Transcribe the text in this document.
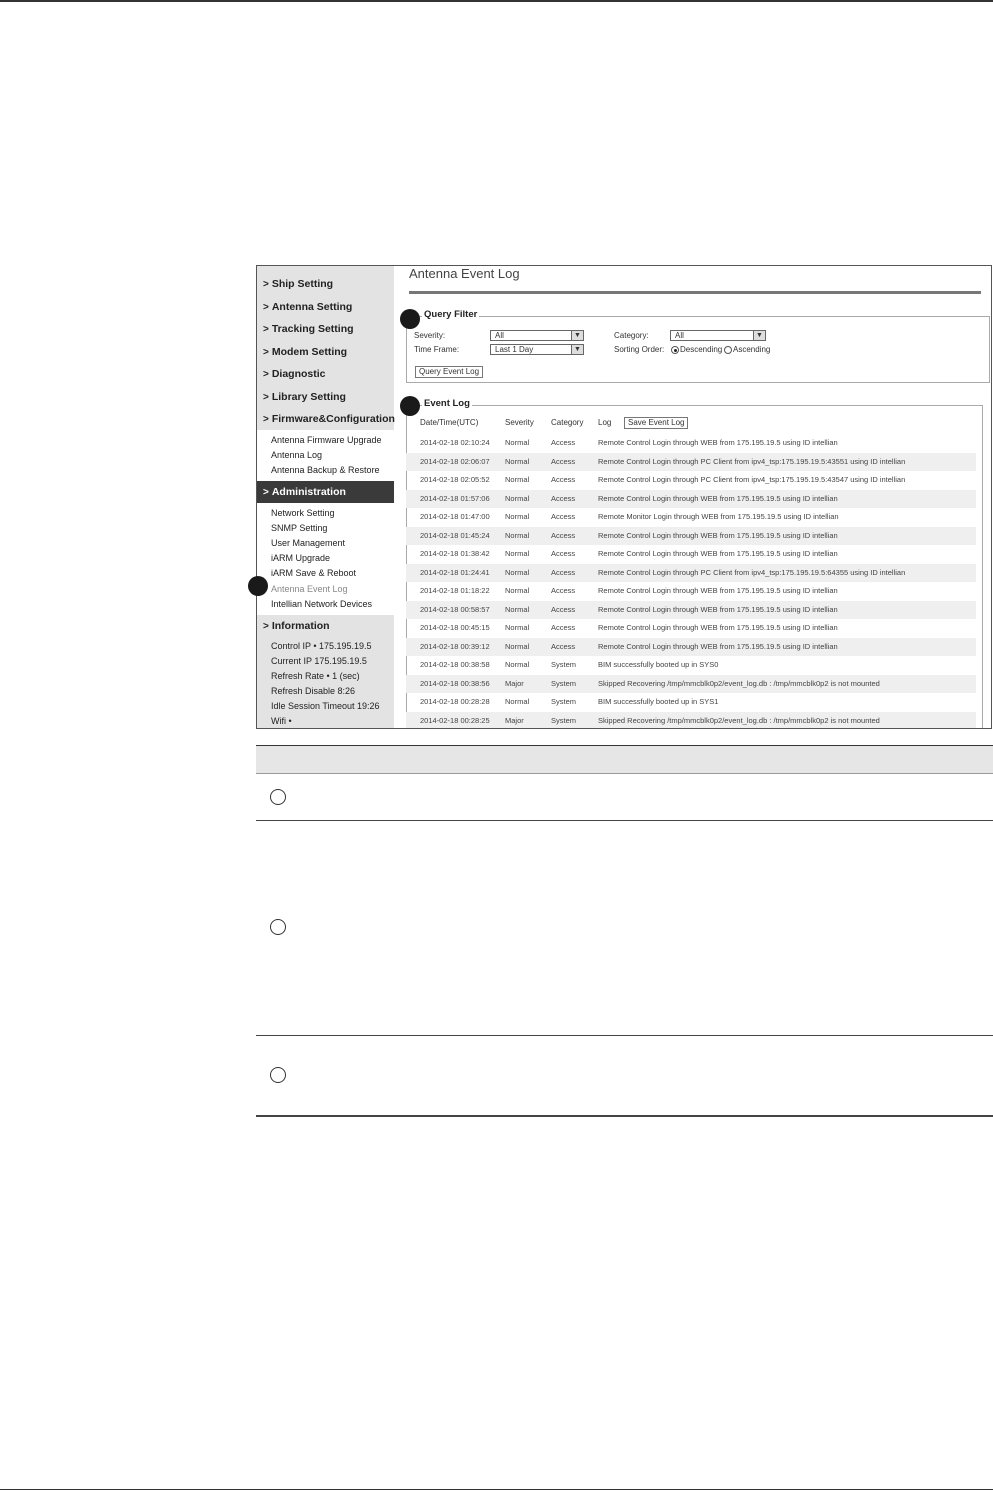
> Ship Setting
> Antenna Setting
> Tracking Setting
> Modem Setting
> Diagnostic
> Library Setting
> Firmware&Configuration
Antenna Firmware Upgrade
Antenna Log
Antenna Backup & Restore
> Administration
Network Setting
SNMP Setting
User Management
iARM Upgrade
iARM Save & Reboot
Antenna Event Log
Intellian Network Devices
> Information
Control IP • 175.195.19.5
Current IP 175.195.19.5
Refresh Rate • 1 (sec)
Refresh Disable 8:26
Idle Session Timeout 19:26
Wifi •
Antenna Event Log
Query Filter
Severity:	All	▼
Time Frame:	Last 1 Day	▼
Category:	All	▼
Sorting Order: Descending Ascending
Query Event Log
Event Log
Date/Time(UTC)	Severity Category Log	Save Event Log
2014-02-18 02:10:24 Normal	Access	Remote Control Login through WEB from 175.195.19.5 using ID intellian
2014-02-18 02:06:07 Normal	Access	Remote Control Login through PC Client from ipv4_tsp:175.195.19.5:43551 using ID intellian
2014-02-18 02:05:52 Normal	Access	Remote Control Login through PC Client from ipv4_tsp:175.195.19.5:43547 using ID intellian
2014-02-18 01:57:06 Normal	Access	Remote Control Login through WEB from 175.195.19.5 using ID intellian
2014-02-18 01:47:00 Normal	Access	Remote Monitor Login through WEB from 175.195.19.5 using ID intellian
2014-02-18 01:45:24 Normal	Access	Remote Control Login through WEB from 175.195.19.5 using ID intellian
2014-02-18 01:38:42 Normal	Access	Remote Control Login through WEB from 175.195.19.5 using ID intellian
2014-02-18 01:24:41 Normal	Access	Remote Control Login through PC Client from ipv4_tsp:175.195.19.5:64355 using ID intellian
2014-02-18 01:18:22 Normal	Access	Remote Control Login through WEB from 175.195.19.5 using ID intellian
2014-02-18 00:58:57 Normal	Access	Remote Control Login through WEB from 175.195.19.5 using ID intellian
2014-02-18 00:45:15 Normal	Access	Remote Control Login through WEB from 175.195.19.5 using ID intellian
2014-02-18 00:39:12 Normal	Access	Remote Control Login through WEB from 175.195.19.5 using ID intellian
2014-02-18 00:38:58 Normal	System	BIM successfully booted up in SYS0
2014-02-18 00:38:56 Major	System	Skipped Recovering /tmp/mmcblk0p2/event_log.db : /tmp/mmcblk0p2 is not mounted
2014-02-18 00:28:28 Normal	System	BIM successfully booted up in SYS1
2014-02-18 00:28:25 Major	System	Skipped Recovering /tmp/mmcblk0p2/event_log.db : /tmp/mmcblk0p2 is not mounted
